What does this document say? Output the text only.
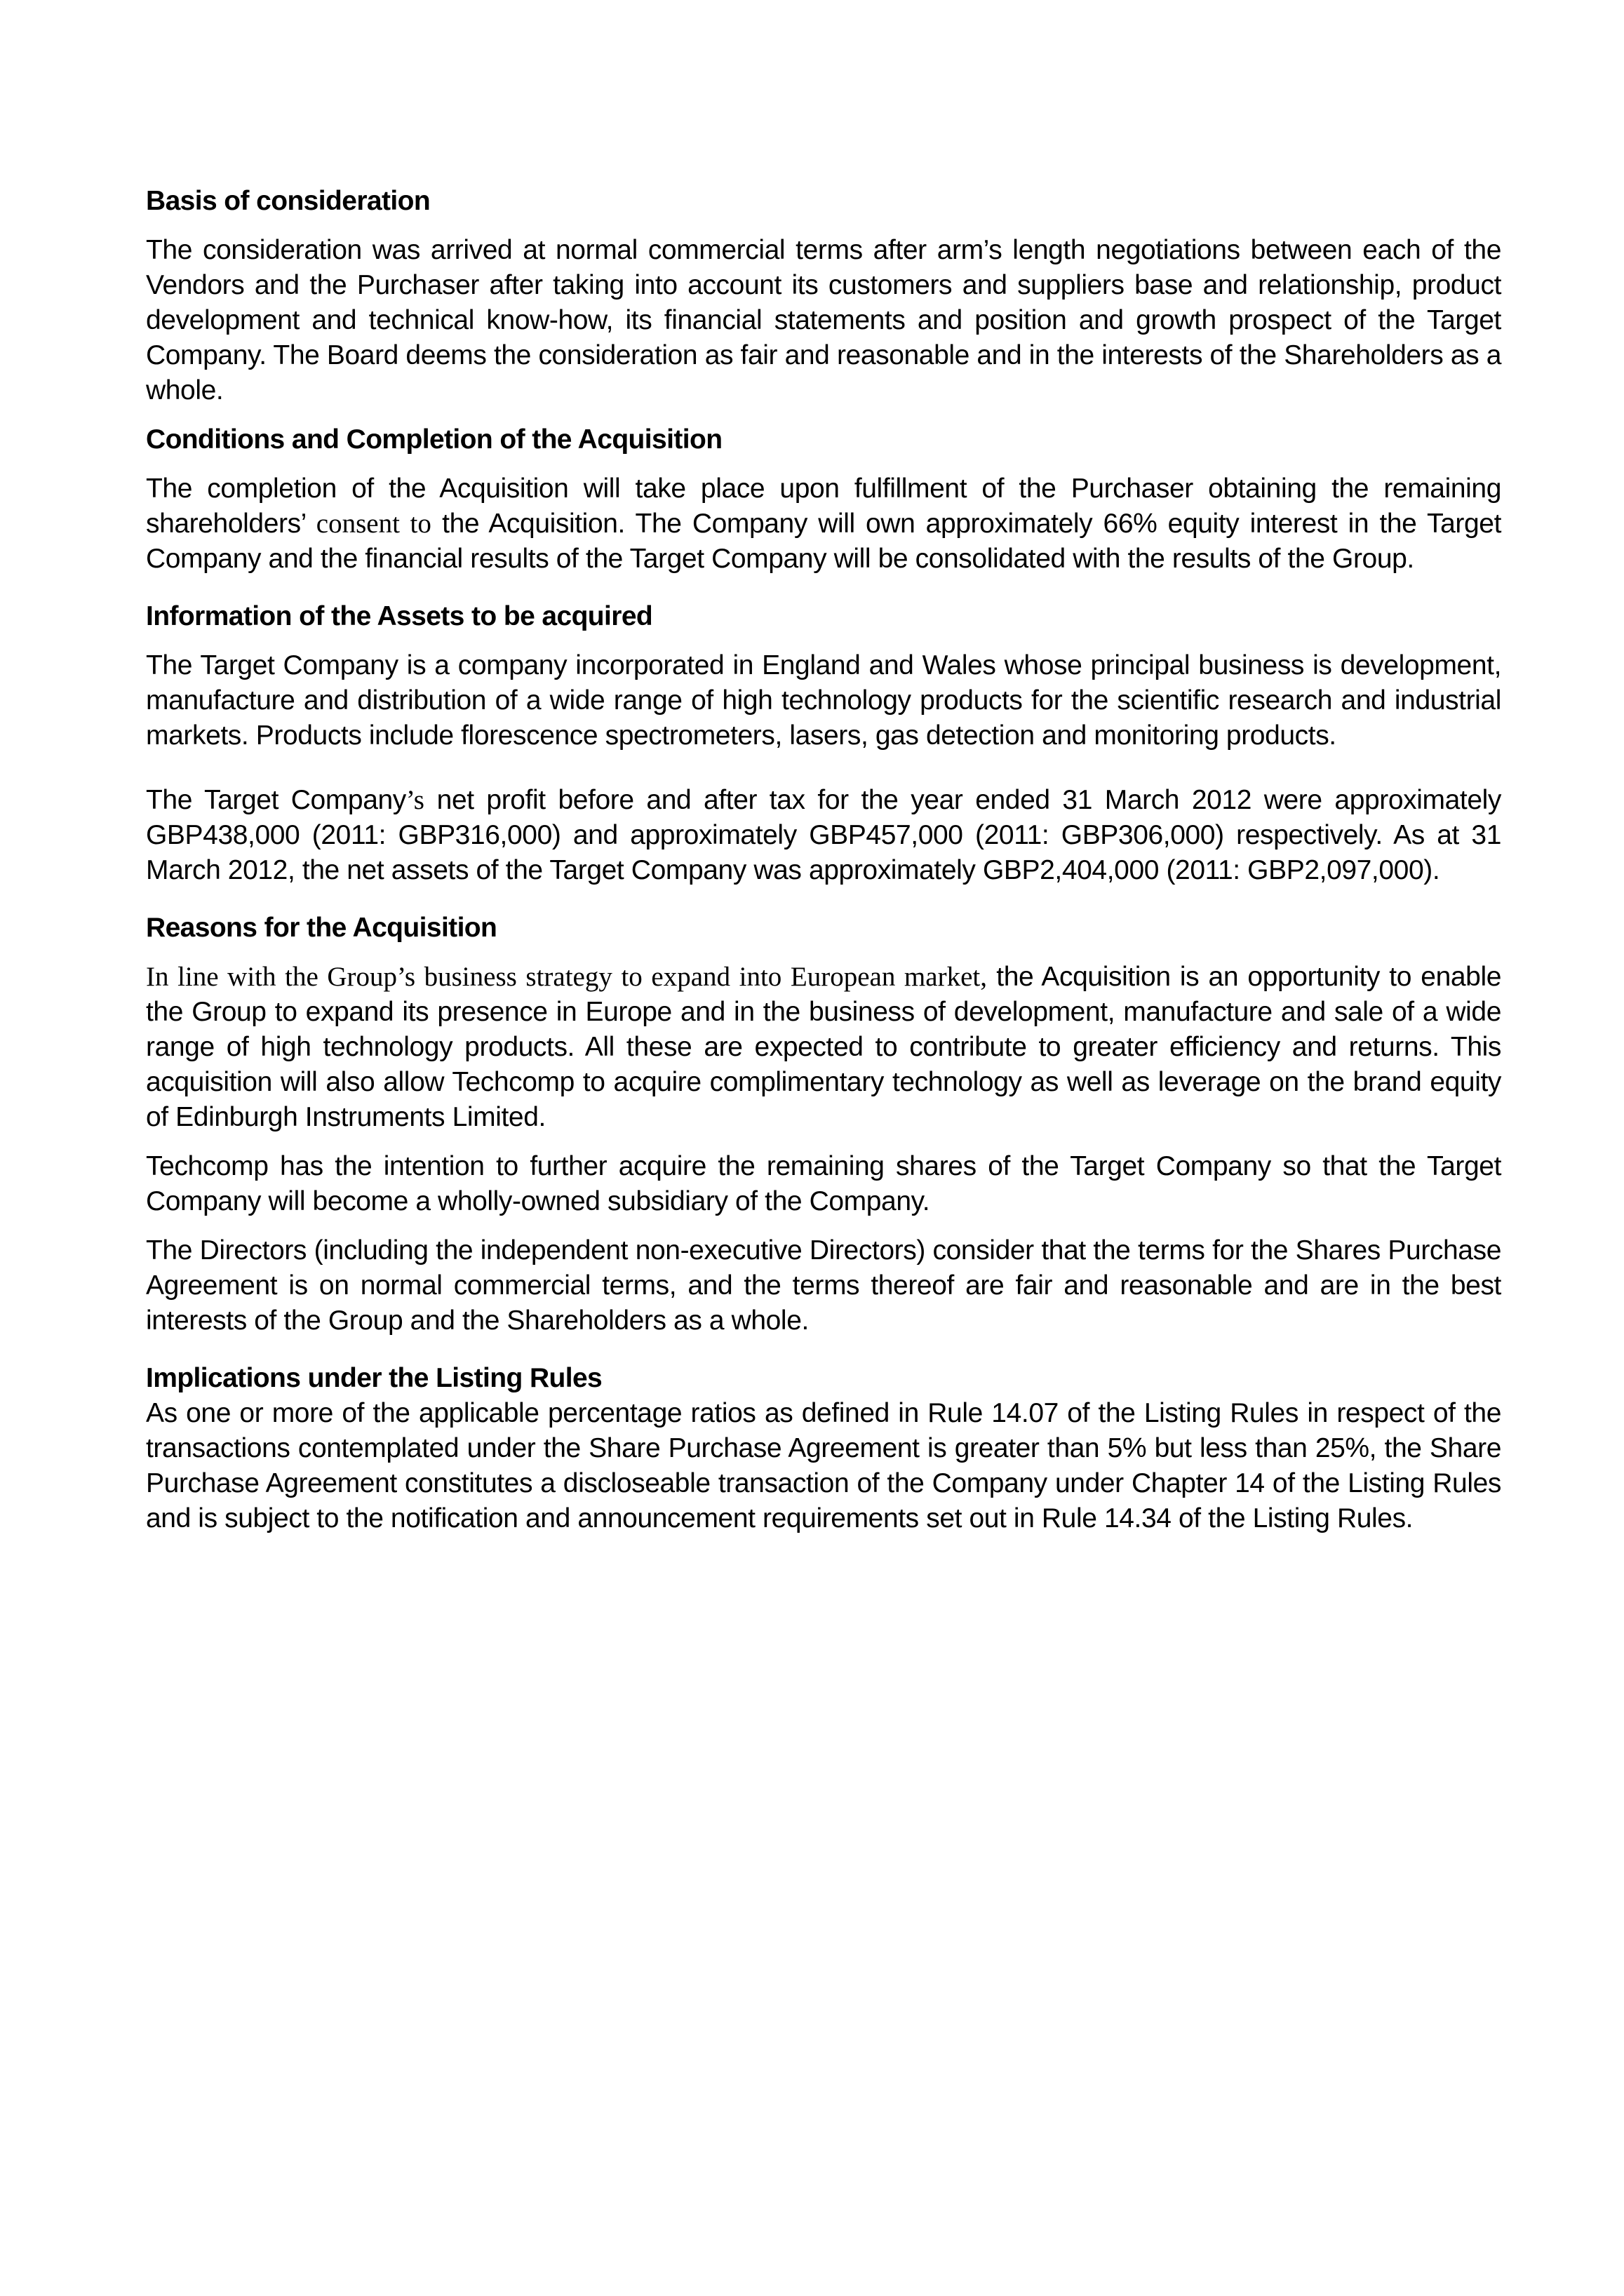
Basis of consideration

The consideration was arrived at normal commercial terms after arm’s length negotiations between each of the Vendors and the Purchaser after taking into account its customers and suppliers base and relationship, product development and technical know-how, its financial statements and position and growth prospect of the Target Company. The Board deems the consideration as fair and reasonable and in the interests of the Shareholders as a whole.

Conditions and Completion of the Acquisition

The completion of the Acquisition will take place upon fulfillment of the Purchaser obtaining the remaining shareholders’ consent to the Acquisition. The Company will own approximately 66% equity interest in the Target Company and the financial results of the Target Company will be consolidated with the results of the Group.

Information of the Assets to be acquired

The Target Company is a company incorporated in England and Wales whose principal business is development, manufacture and distribution of a wide range of high technology products for the scientific research and industrial markets. Products include florescence spectrometers, lasers, gas detection and monitoring products.

The Target Company’s net profit before and after tax for the year ended 31 March 2012 were approximately GBP438,000 (2011: GBP316,000) and approximately GBP457,000 (2011: GBP306,000) respectively. As at 31 March 2012, the net assets of the Target Company was approximately GBP2,404,000 (2011: GBP2,097,000).

Reasons for the Acquisition

In line with the Group’s business strategy to expand into European market, the Acquisition is an opportunity to enable the Group to expand its presence in Europe and in the business of development, manufacture and sale of a wide range of high technology products. All these are expected to contribute to greater efficiency and returns. This acquisition will also allow Techcomp to acquire complimentary technology as well as leverage on the brand equity of Edinburgh Instruments Limited.

Techcomp has the intention to further acquire the remaining shares of the Target Company so that the Target Company will become a wholly-owned subsidiary of the Company.

The Directors (including the independent non-executive Directors) consider that the terms for the Shares Purchase Agreement is on normal commercial terms, and the terms thereof are fair and reasonable and are in the best interests of the Group and the Shareholders as a whole.

Implications under the Listing Rules

As one or more of the applicable percentage ratios as defined in Rule 14.07 of the Listing Rules in respect of the transactions contemplated under the Share Purchase Agreement is greater than 5% but less than 25%, the Share Purchase Agreement constitutes a discloseable transaction of the Company under Chapter 14 of the Listing Rules and is subject to the notification and announcement requirements set out in Rule 14.34 of the Listing Rules.
